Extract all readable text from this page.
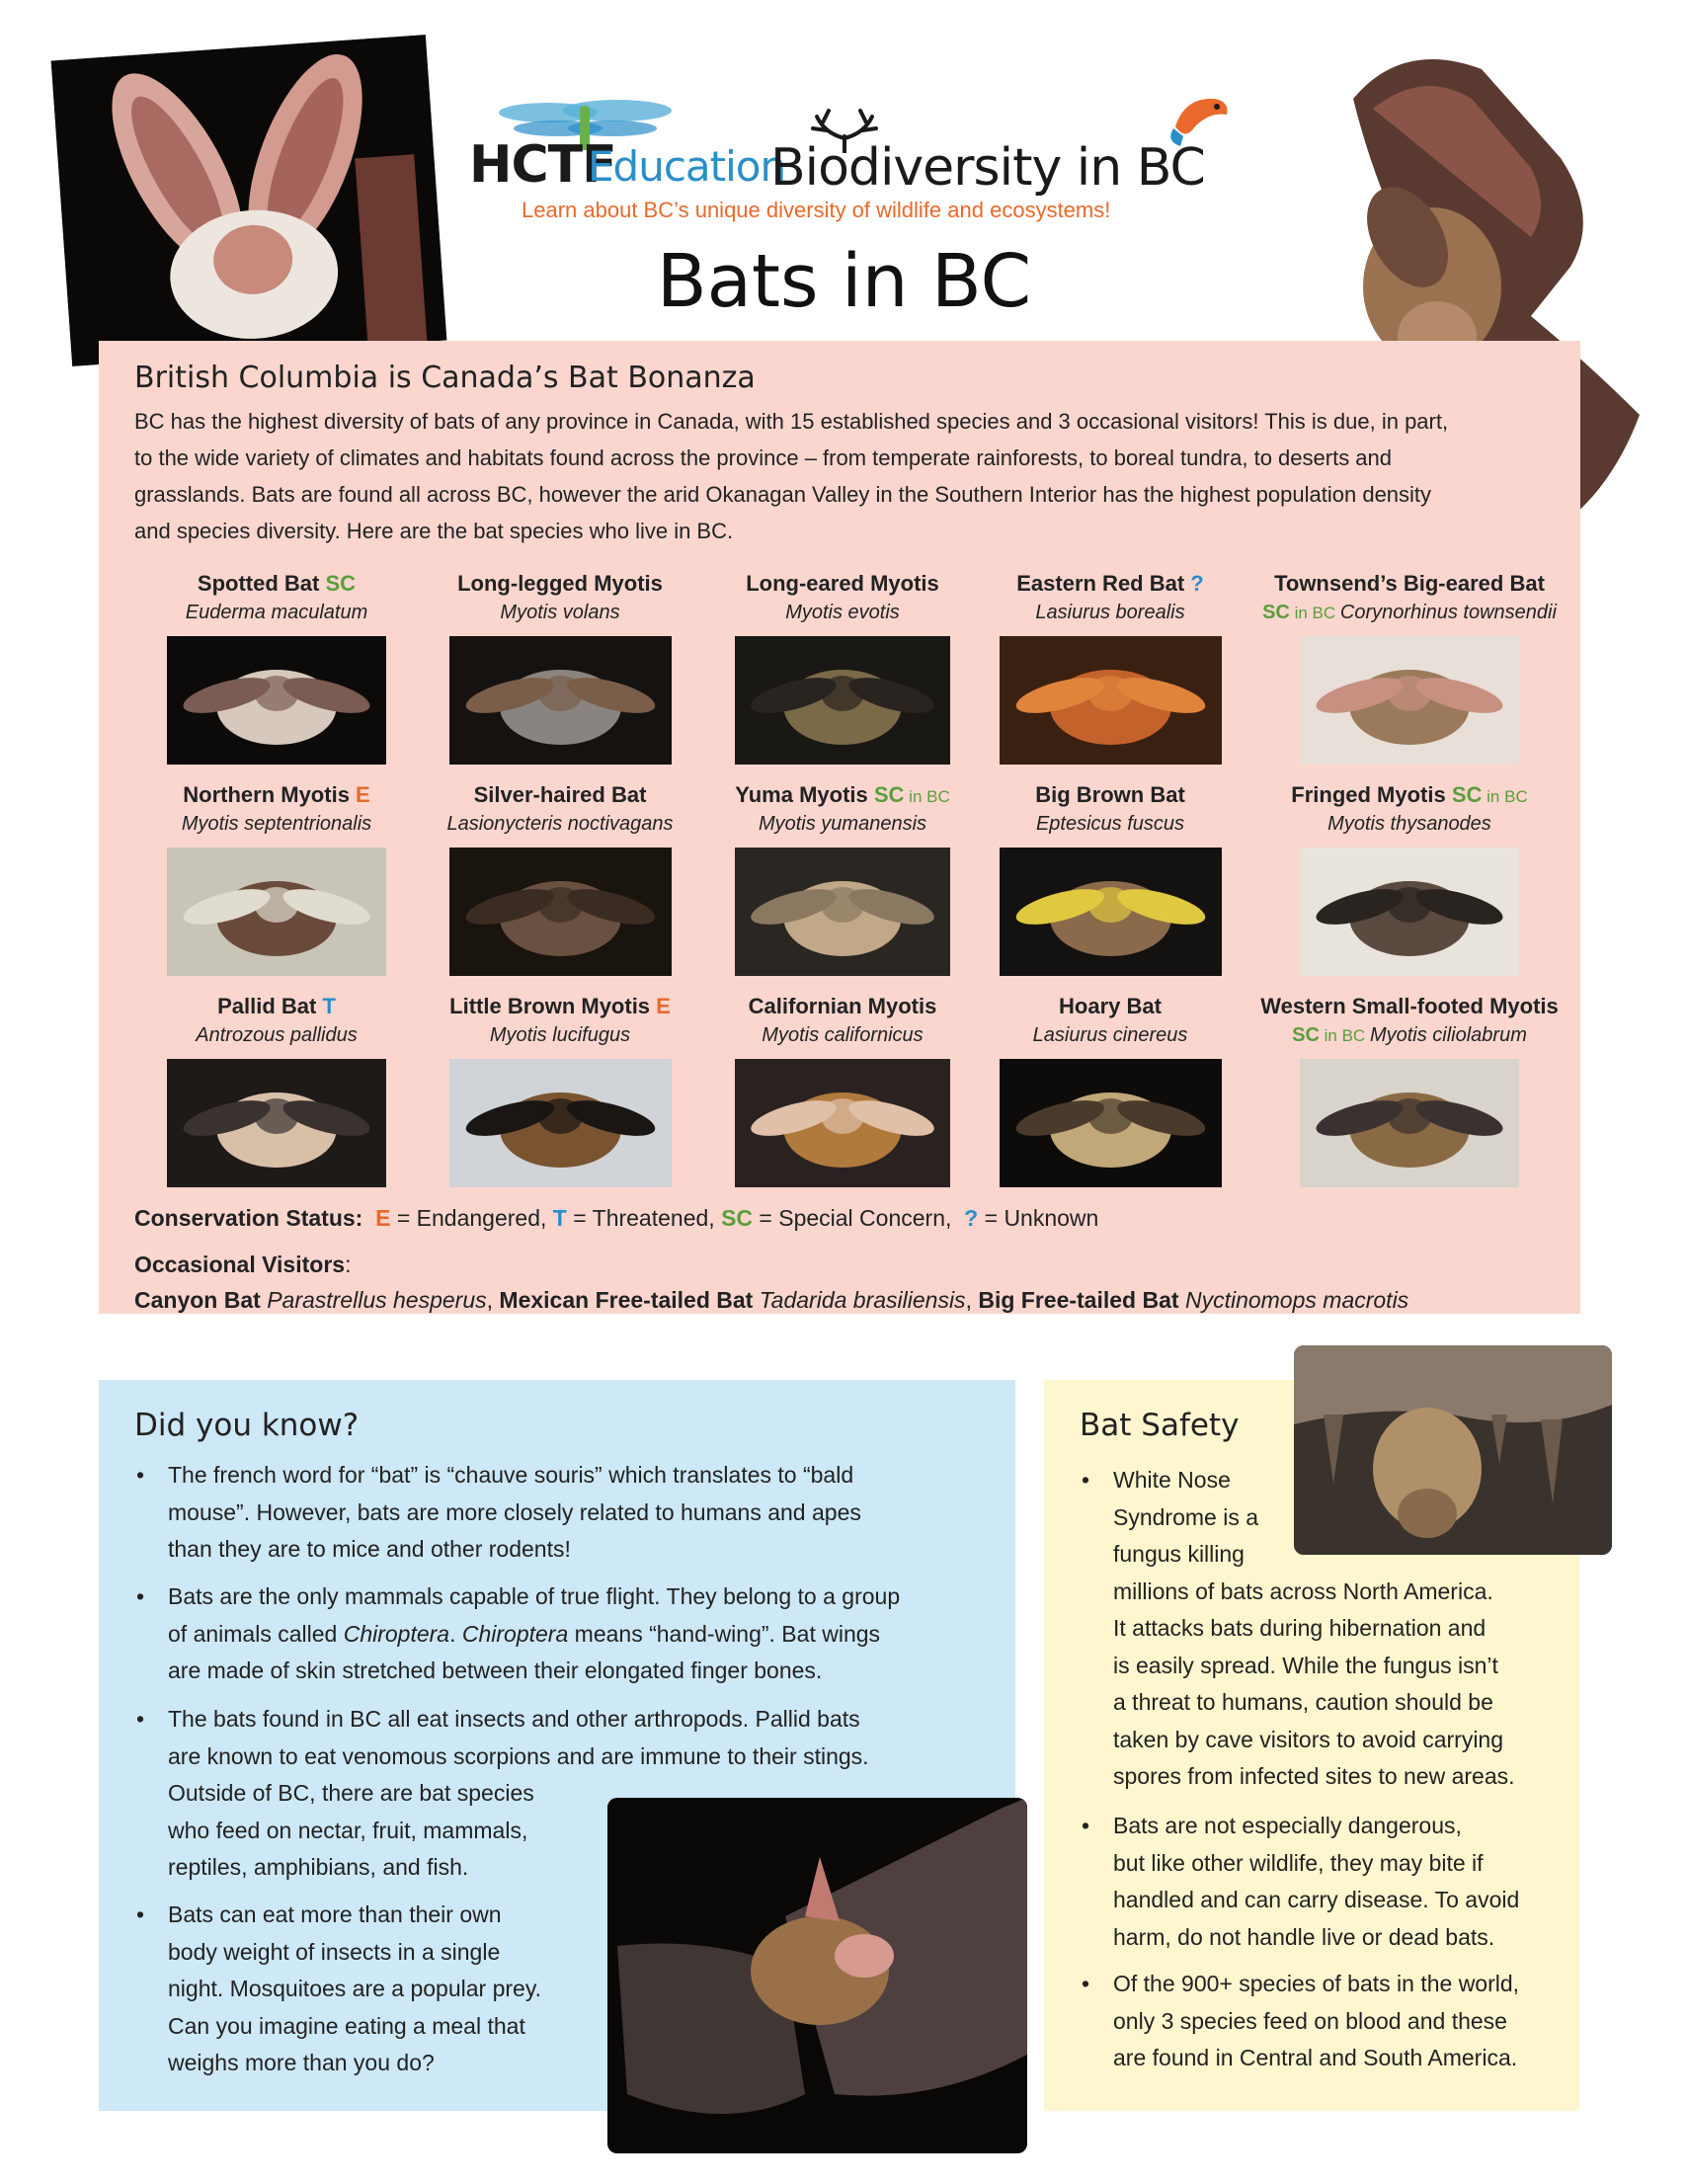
HCTF
Education
Biodiversity in BC
Learn about BC’s unique diversity of wildlife and ecosystems!
Bats in BC
British Columbia is Canada’s Bat Bonanza
BC has the highest diversity of bats of any province in Canada, with 15 established species and 3 occasional visitors! This is due, in part, to the wide variety of climates and habitats found across the province – from temperate rainforests, to boreal tundra, to deserts and grasslands. Bats are found all across BC, however the arid Okanagan Valley in the Southern Interior has the highest population density and species diversity. Here are the bat species who live in BC.
Spotted Bat SC
Euderma maculatum
Long-legged Myotis
Myotis volans
Long-eared Myotis
Myotis evotis
Eastern Red Bat ?
Lasiurus borealis
Townsend’s Big-eared Bat
SC in BC Corynorhinus townsendii
Northern Myotis E
Myotis septentrionalis
Silver-haired Bat
Lasionycteris noctivagans
Yuma Myotis SC in BC
Myotis yumanensis
Big Brown Bat
Eptesicus fuscus
Fringed Myotis SC in BC
Myotis thysanodes
Pallid Bat T
Antrozous pallidus
Little Brown Myotis E
Myotis lucifugus
Californian Myotis
Myotis californicus
Hoary Bat
Lasiurus cinereus
Western Small-footed Myotis
SC in BC Myotis ciliolabrum
Conservation Status: E = Endangered, T = Threatened, SC = Special Concern, ? = Unknown
Occasional Visitors:
Canyon Bat Parastrellus hesperus, Mexican Free-tailed Bat Tadarida brasiliensis, Big Free-tailed Bat Nyctinomops macrotis
Did you know?
• The french word for “bat” is “chauve souris” which translates to “bald
mouse”. However, bats are more closely related to humans and apes
than they are to mice and other rodents!
• Bats are the only mammals capable of true flight. They belong to a group
of animals called Chiroptera. Chiroptera means “hand-wing”. Bat wings
are made of skin stretched between their elongated finger bones.
• The bats found in BC all eat insects and other arthropods. Pallid bats
are known to eat venomous scorpions and are immune to their stings.
Outside of BC, there are bat species
who feed on nectar, fruit, mammals,
reptiles, amphibians, and fish.
• Bats can eat more than their own
body weight of insects in a single
night. Mosquitoes are a popular prey.
Can you imagine eating a meal that
weighs more than you do?
Bat Safety
• White Nose
Syndrome is a
fungus killing
millions of bats across North America.
It attacks bats during hibernation and
is easily spread. While the fungus isn’t
a threat to humans, caution should be
taken by cave visitors to avoid carrying
spores from infected sites to new areas.
• Bats are not especially dangerous,
but like other wildlife, they may bite if
handled and can carry disease. To avoid
harm, do not handle live or dead bats.
• Of the 900+ species of bats in the world,
only 3 species feed on blood and these
are found in Central and South America.
